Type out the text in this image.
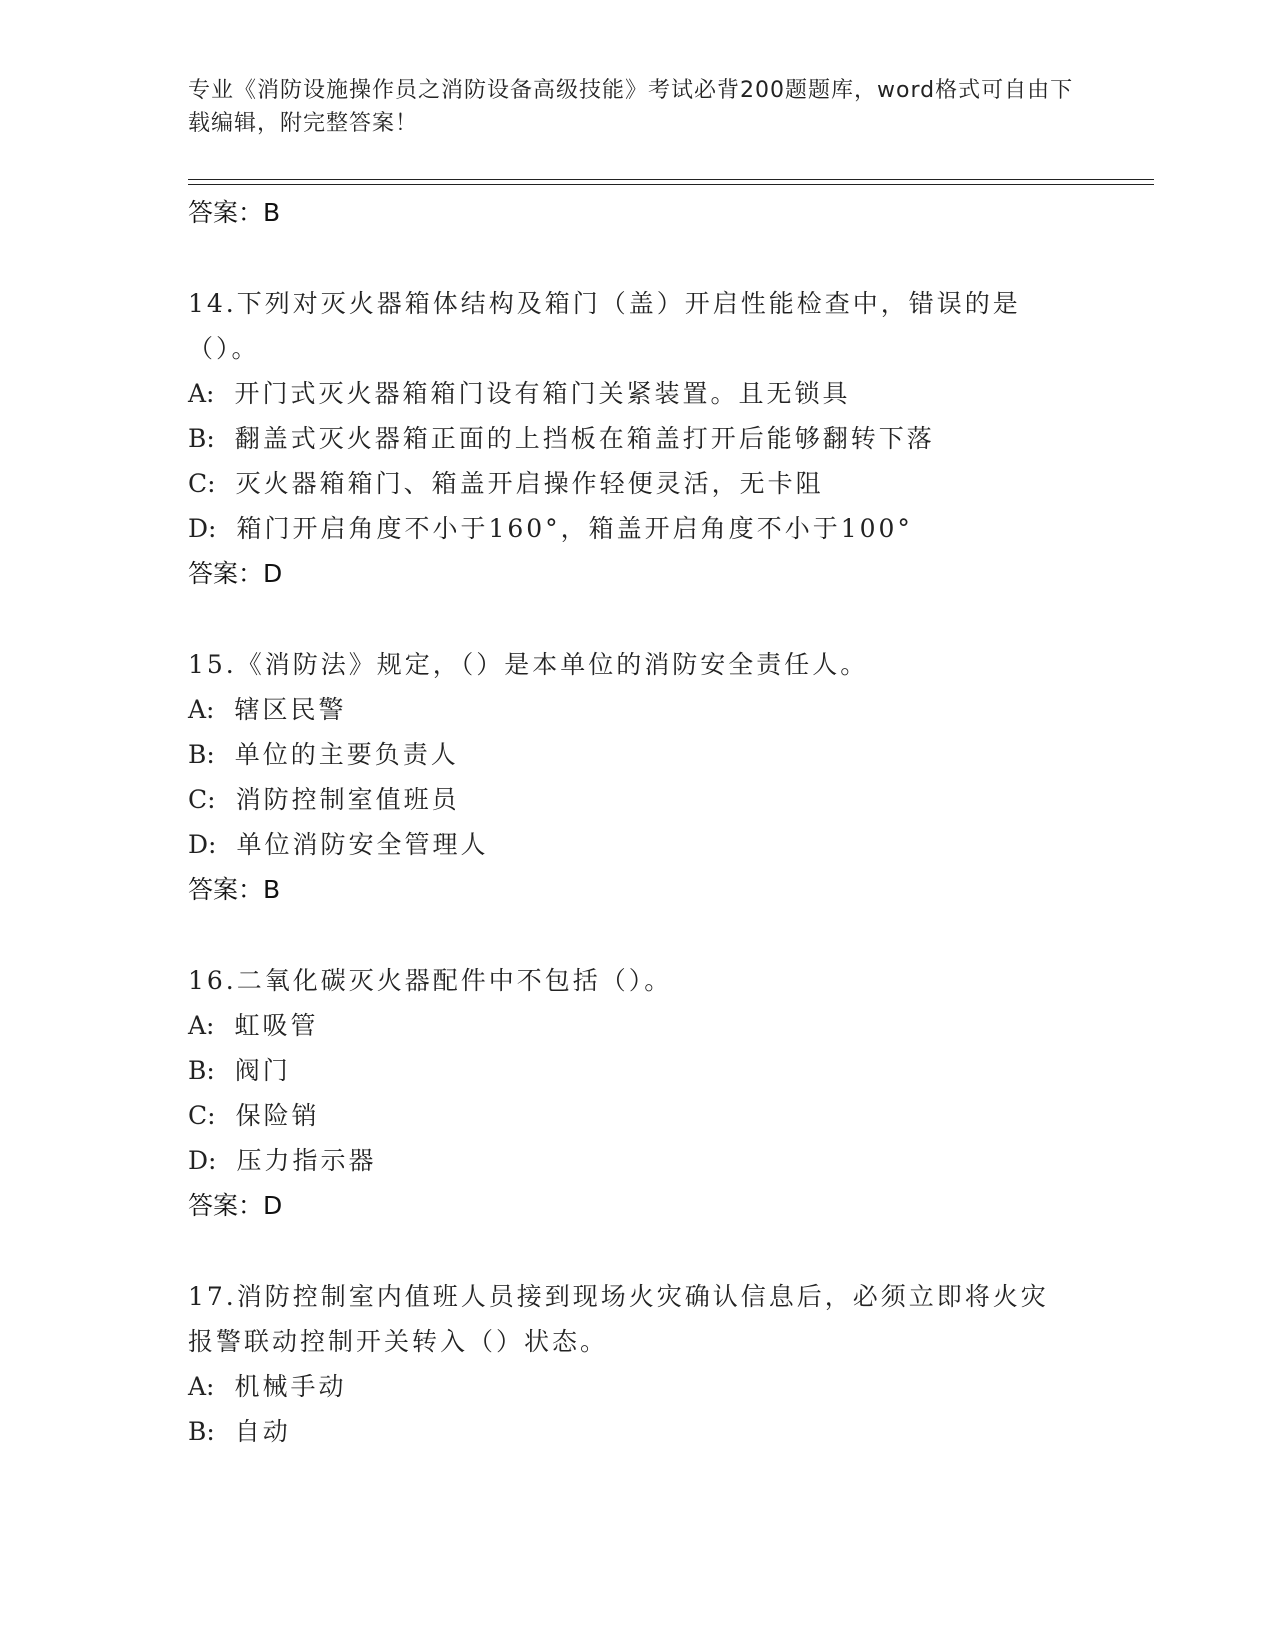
专业《消防设施操作员之消防设备高级技能》考试必背200题题库，word格式可自由下载编辑，附完整答案！
答案：B
14.下列对灭火器箱体结构及箱门（盖）开启性能检查中，错误的是（）。
A: 开门式灭火器箱箱门设有箱门关紧装置。且无锁具
B: 翻盖式灭火器箱正面的上挡板在箱盖打开后能够翻转下落
C: 灭火器箱箱门、箱盖开启操作轻便灵活，无卡阻
D: 箱门开启角度不小于160°，箱盖开启角度不小于100°
答案：D
15.《消防法》规定，（）是本单位的消防安全责任人。
A: 辖区民警
B: 单位的主要负责人
C: 消防控制室值班员
D: 单位消防安全管理人
答案：B
16.二氧化碳灭火器配件中不包括（）。
A: 虹吸管
B: 阀门
C: 保险销
D: 压力指示器
答案：D
17.消防控制室内值班人员接到现场火灾确认信息后，必须立即将火灾报警联动控制开关转入（）状态。
A: 机械手动
B: 自动
